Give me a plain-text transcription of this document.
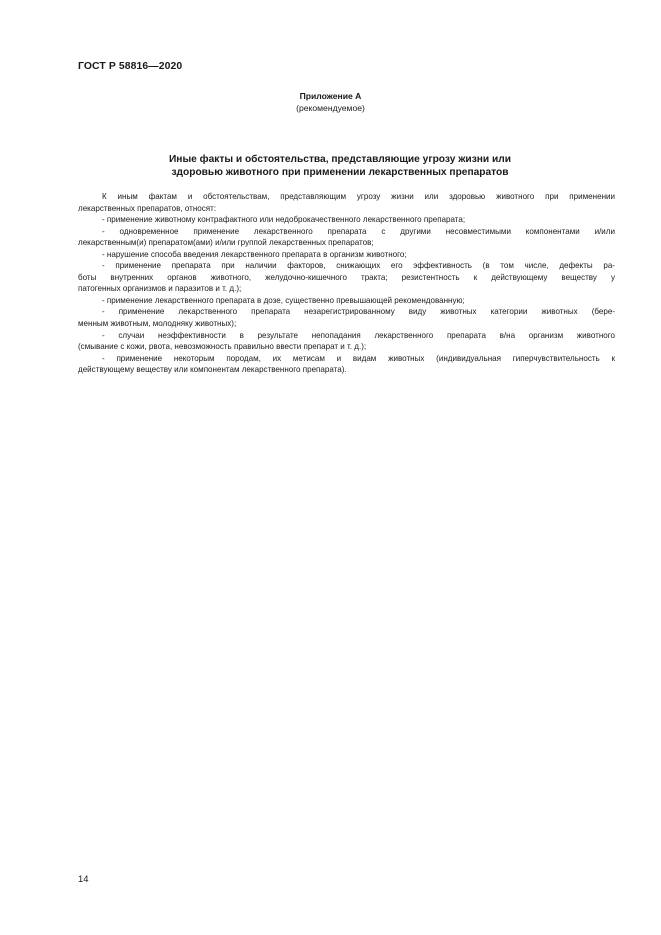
ГОСТ Р 58816—2020
Приложение А
(рекомендуемое)
Иные факты и обстоятельства, представляющие угрозу жизни или
здоровью животного при применении лекарственных препаратов
К иным фактам и обстоятельствам, представляющим угрозу жизни или здоровью животного при применении
лекарственных препаратов, относят:
- применение животному контрафактного или недоброкачественного лекарственного препарата;
- одновременное применение лекарственного препарата с другими несовместимыми компонентами и/или
лекарственным(и) препаратом(ами) и/или группой лекарственных препаратов;
- нарушение способа введения лекарственного препарата в организм животного;
- применение препарата при наличии факторов, снижающих его эффективность (в том числе, дефекты ра-
боты внутренних органов животного, желудочно-кишечного тракта; резистентность к действующему веществу у
патогенных организмов и паразитов и т. д.);
- применение лекарственного препарата в дозе, существенно превышающей рекомендованную;
- применение лекарственного препарата незарегистрированному виду животных категории животных (бере-
менным животным, молодняку животных);
- случаи неэффективности в результате непопадания лекарственного препарата в/на организм животного
(смывание с кожи, рвота, невозможность правильно ввести препарат и т. д.);
- применение некоторым породам, их метисам и видам животных (индивидуальная гиперчувствительность к
действующему веществу или компонентам лекарственного препарата).
14
